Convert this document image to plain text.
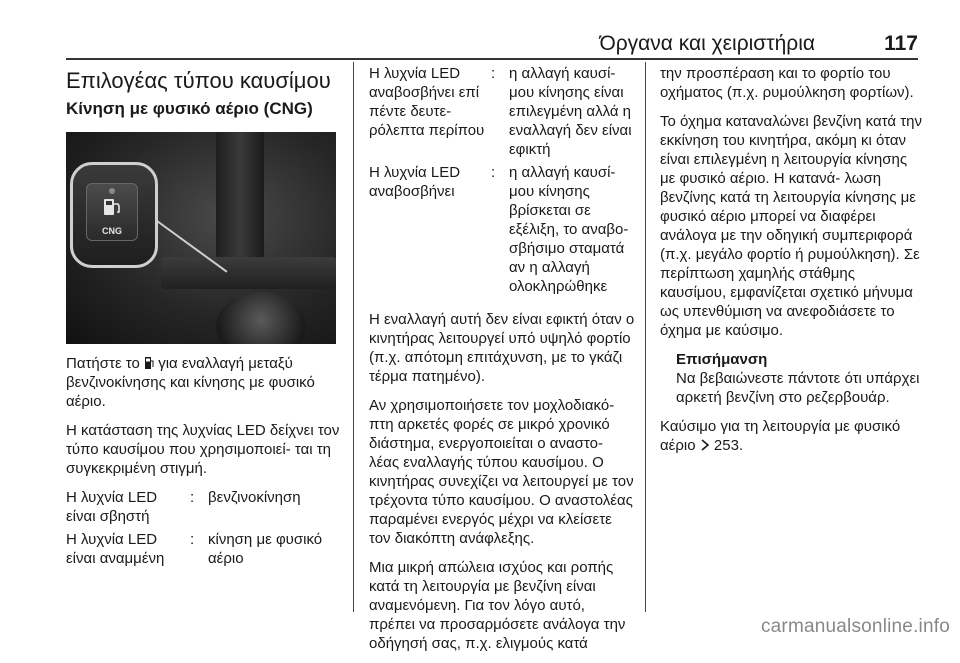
Όργανα και χειριστήρια	117
Επιλογέας τύπου καυσίμου
Κίνηση με φυσικό αέριο (CNG)
CNG

Πατήστε το για εναλλαγή μεταξύ βενζινοκίνησης και κίνησης με φυσικό αέριο.

Η κατάσταση της λυχνίας LED δείχνει τον τύπο καυσίμου που χρησιμοποιεί- ται τη συγκεκριμένη στιγμή.

Η λυχνία LED είναι σβηστή
: βενζινοκίνηση
Η λυχνία LED είναι αναμμένη
: κίνηση με φυσικό αέριο
Η λυχνία LED αναβοσβήνει επί πέντε δευτε- ρόλεπτα περίπου
: η αλλαγή καυσί- μου κίνησης είναι επιλεγμένη αλλά η εναλλαγή δεν είναι εφικτή
Η λυχνία LED αναβοσβήνει
: η αλλαγή καυσί- μου κίνησης βρίσκεται σε εξέλιξη, το αναβο- σβήσιμο σταματά αν η αλλαγή ολοκληρώθηκε

Η εναλλαγή αυτή δεν είναι εφικτή όταν ο κινητήρας λειτουργεί υπό υψηλό φορτίο (π.χ. απότομη επιτάχυνση, με το γκάζι τέρμα πατημένο).

Αν χρησιμοποιήσετε τον μοχλοδιακό- πτη αρκετές φορές σε μικρό χρονικό διάστημα, ενεργοποιείται ο αναστο- λέας εναλλαγής τύπου καυσίμου. Ο κινητήρας συνεχίζει να λειτουργεί με τον τρέχοντα τύπο καυσίμου. Ο αναστολέας παραμένει ενεργός μέχρι να κλείσετε τον διακόπτη ανάφλεξης.

Μια μικρή απώλεια ισχύος και ροπής κατά τη λειτουργία με βενζίνη είναι αναμενόμενη. Για τον λόγο αυτό, πρέπει να προσαρμόσετε ανάλογα την οδήγησή σας, π.χ. ελιγμούς κατά

την προσπέραση και το φορτίο του οχήματος (π.χ. ρυμούλκηση φορτίων).

Το όχημα καταναλώνει βενζίνη κατά την εκκίνηση του κινητήρα, ακόμη κι όταν είναι επιλεγμένη η λειτουργία κίνησης με φυσικό αέριο. Η κατανά- λωση βενζίνης κατά τη λειτουργία κίνησης με φυσικό αέριο μπορεί να διαφέρει ανάλογα με την οδηγική συμπεριφορά (π.χ. μεγάλο φορτίο ή ρυμούλκηση). Σε περίπτωση χαμηλής στάθμης καυσίμου, εμφανίζεται σχετικό μήνυμα ως υπενθύμιση να ανεφοδιάσετε το όχημα με καύσιμο.

Επισήμανση
Να βεβαιώνεστε πάντοτε ότι υπάρχει αρκετή βενζίνη στο ρεζερβουάρ.

Καύσιμο για τη λειτουργία με φυσικό αέριο 253.

carmanualsonline.info
